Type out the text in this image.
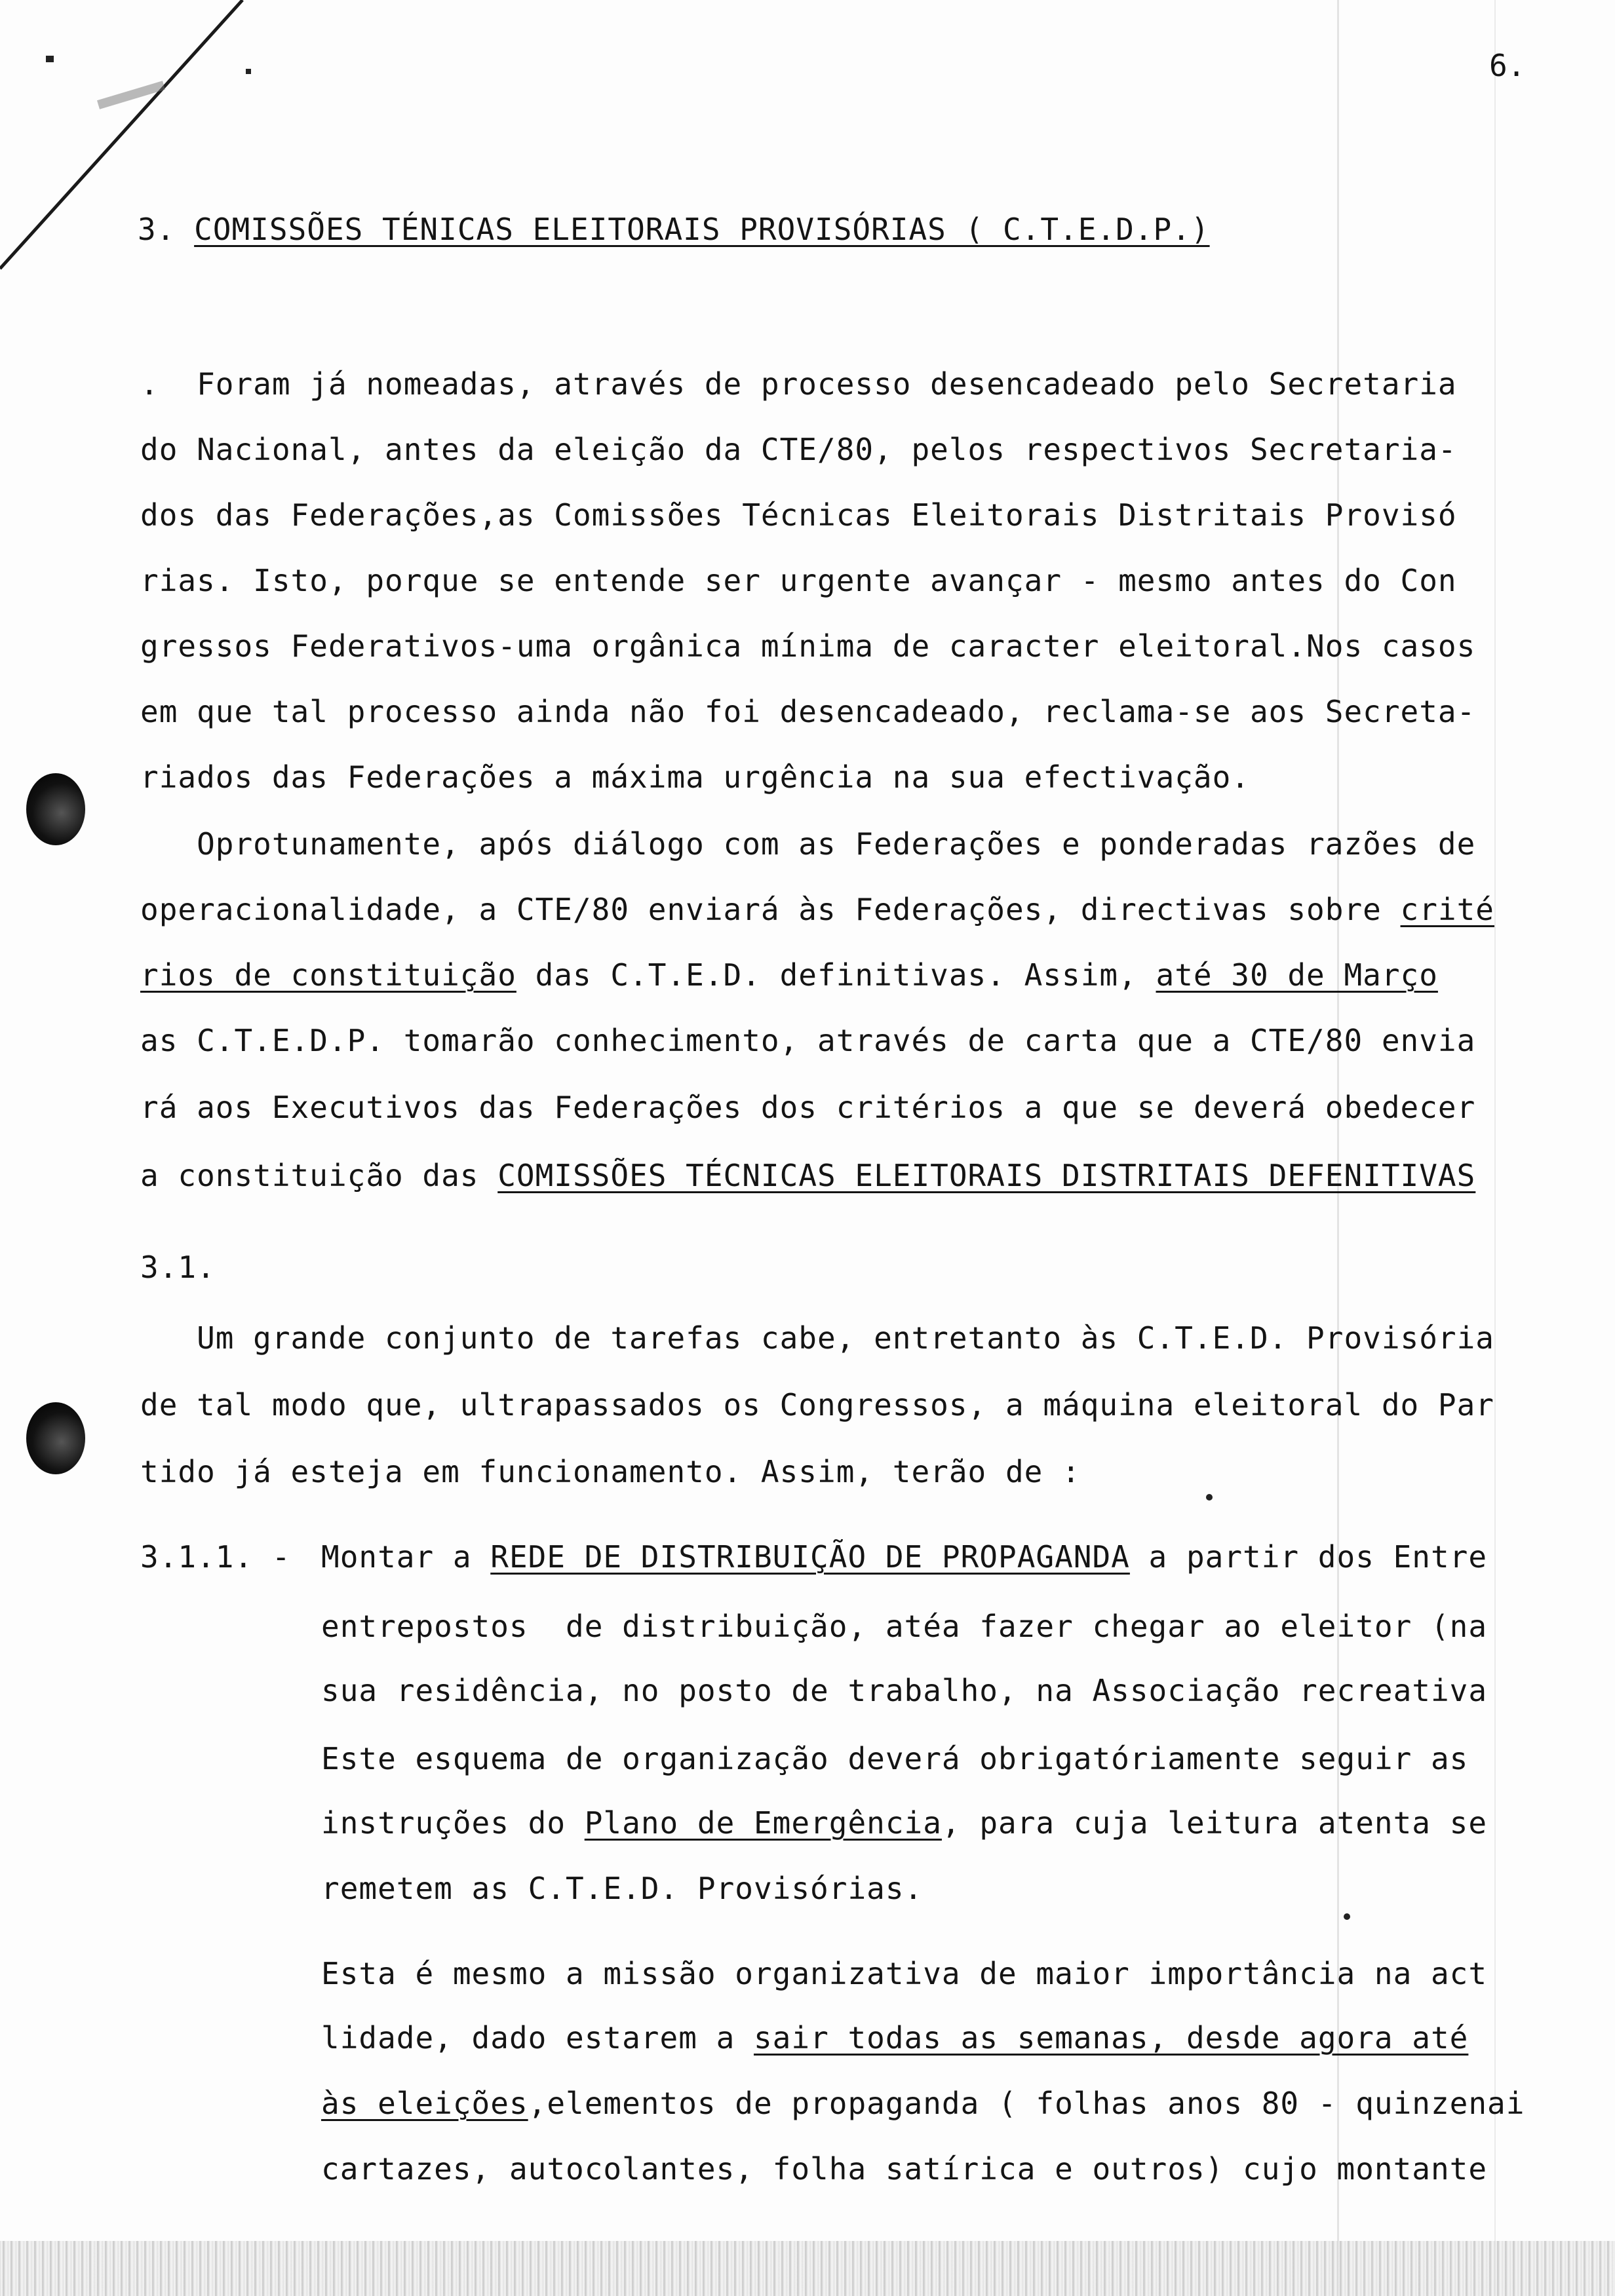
6.
3. COMISSÕES TÉNICAS ELEITORAIS PROVISÓRIAS ( C.T.E.D.P.)
.  Foram já nomeadas, através de processo desencadeado pelo Secretaria
do Nacional, antes da eleição da CTE/80, pelos respectivos Secretaria-
dos das Federações,as Comissões Técnicas Eleitorais Distritais Provisó
rias. Isto, porque se entende ser urgente avançar - mesmo antes do Con
gressos Federativos-uma orgânica mínima de caracter eleitoral.Nos casos
em que tal processo ainda não foi desencadeado, reclama-se aos Secreta-
riados das Federações a máxima urgência na sua efectivação.
Oprotunamente, após diálogo com as Federações e ponderadas razões de
operacionalidade, a CTE/80 enviará às Federações, directivas sobre crité
rios de constituição das C.T.E.D. definitivas. Assim, até 30 de Março
as C.T.E.D.P. tomarão conhecimento, através de carta que a CTE/80 envia
rá aos Executivos das Federações dos critérios a que se deverá obedecer
a constituição das COMISSÕES TÉCNICAS ELEITORAIS DISTRITAIS DEFENITIVAS
3.1.
Um grande conjunto de tarefas cabe, entretanto às C.T.E.D. Provisória
de tal modo que, ultrapassados os Congressos, a máquina eleitoral do Par
tido já esteja em funcionamento. Assim, terão de :
3.1.1. - Montar a REDE DE DISTRIBUIÇÃO DE PROPAGANDA a partir dos Entre
entrepostos  de distribuição, atéa fazer chegar ao eleitor (na
sua residência, no posto de trabalho, na Associação recreativa
Este esquema de organização deverá obrigatóriamente seguir as
instruções do Plano de Emergência, para cuja leitura atenta se
remetem as C.T.E.D. Provisórias.
Esta é mesmo a missão organizativa de maior importância na act
lidade, dado estarem a sair todas as semanas, desde agora até
às eleições,elementos de propaganda ( folhas anos 80 - quinzenai
cartazes, autocolantes, folha satírica e outros) cujo montante
